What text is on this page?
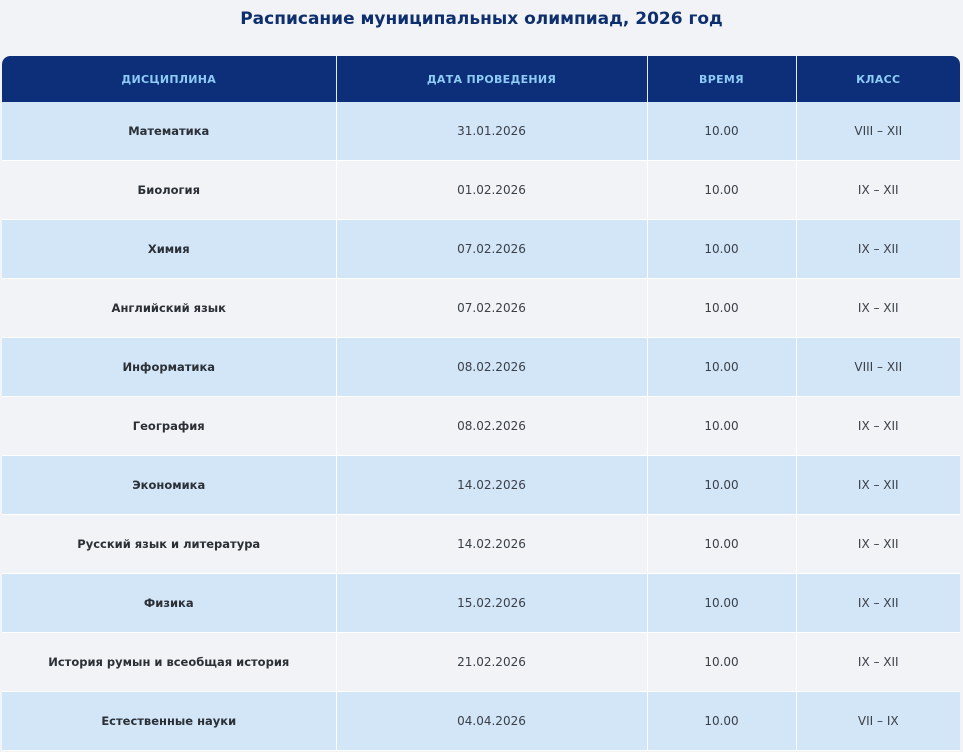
Расписание муниципальных олимпиад, 2026 год
ДИСЦИПЛИНА	ДАТА ПРОВЕДЕНИЯ	ВРЕМЯ	КЛАСС
Математика	31.01.2026	10.00	VIII – XII
Биология	01.02.2026	10.00	IX – XII
Химия	07.02.2026	10.00	IX – XII
Английский язык	07.02.2026	10.00	IX – XII
Информатика	08.02.2026	10.00	VIII – XII
География	08.02.2026	10.00	IX – XII
Экономика	14.02.2026	10.00	IX – XII
Русский язык и литература	14.02.2026	10.00	IX – XII
Физика	15.02.2026	10.00	IX – XII
История румын и всеобщая история	21.02.2026	10.00	IX – XII
Естественные науки	04.04.2026	10.00	VII – IX
